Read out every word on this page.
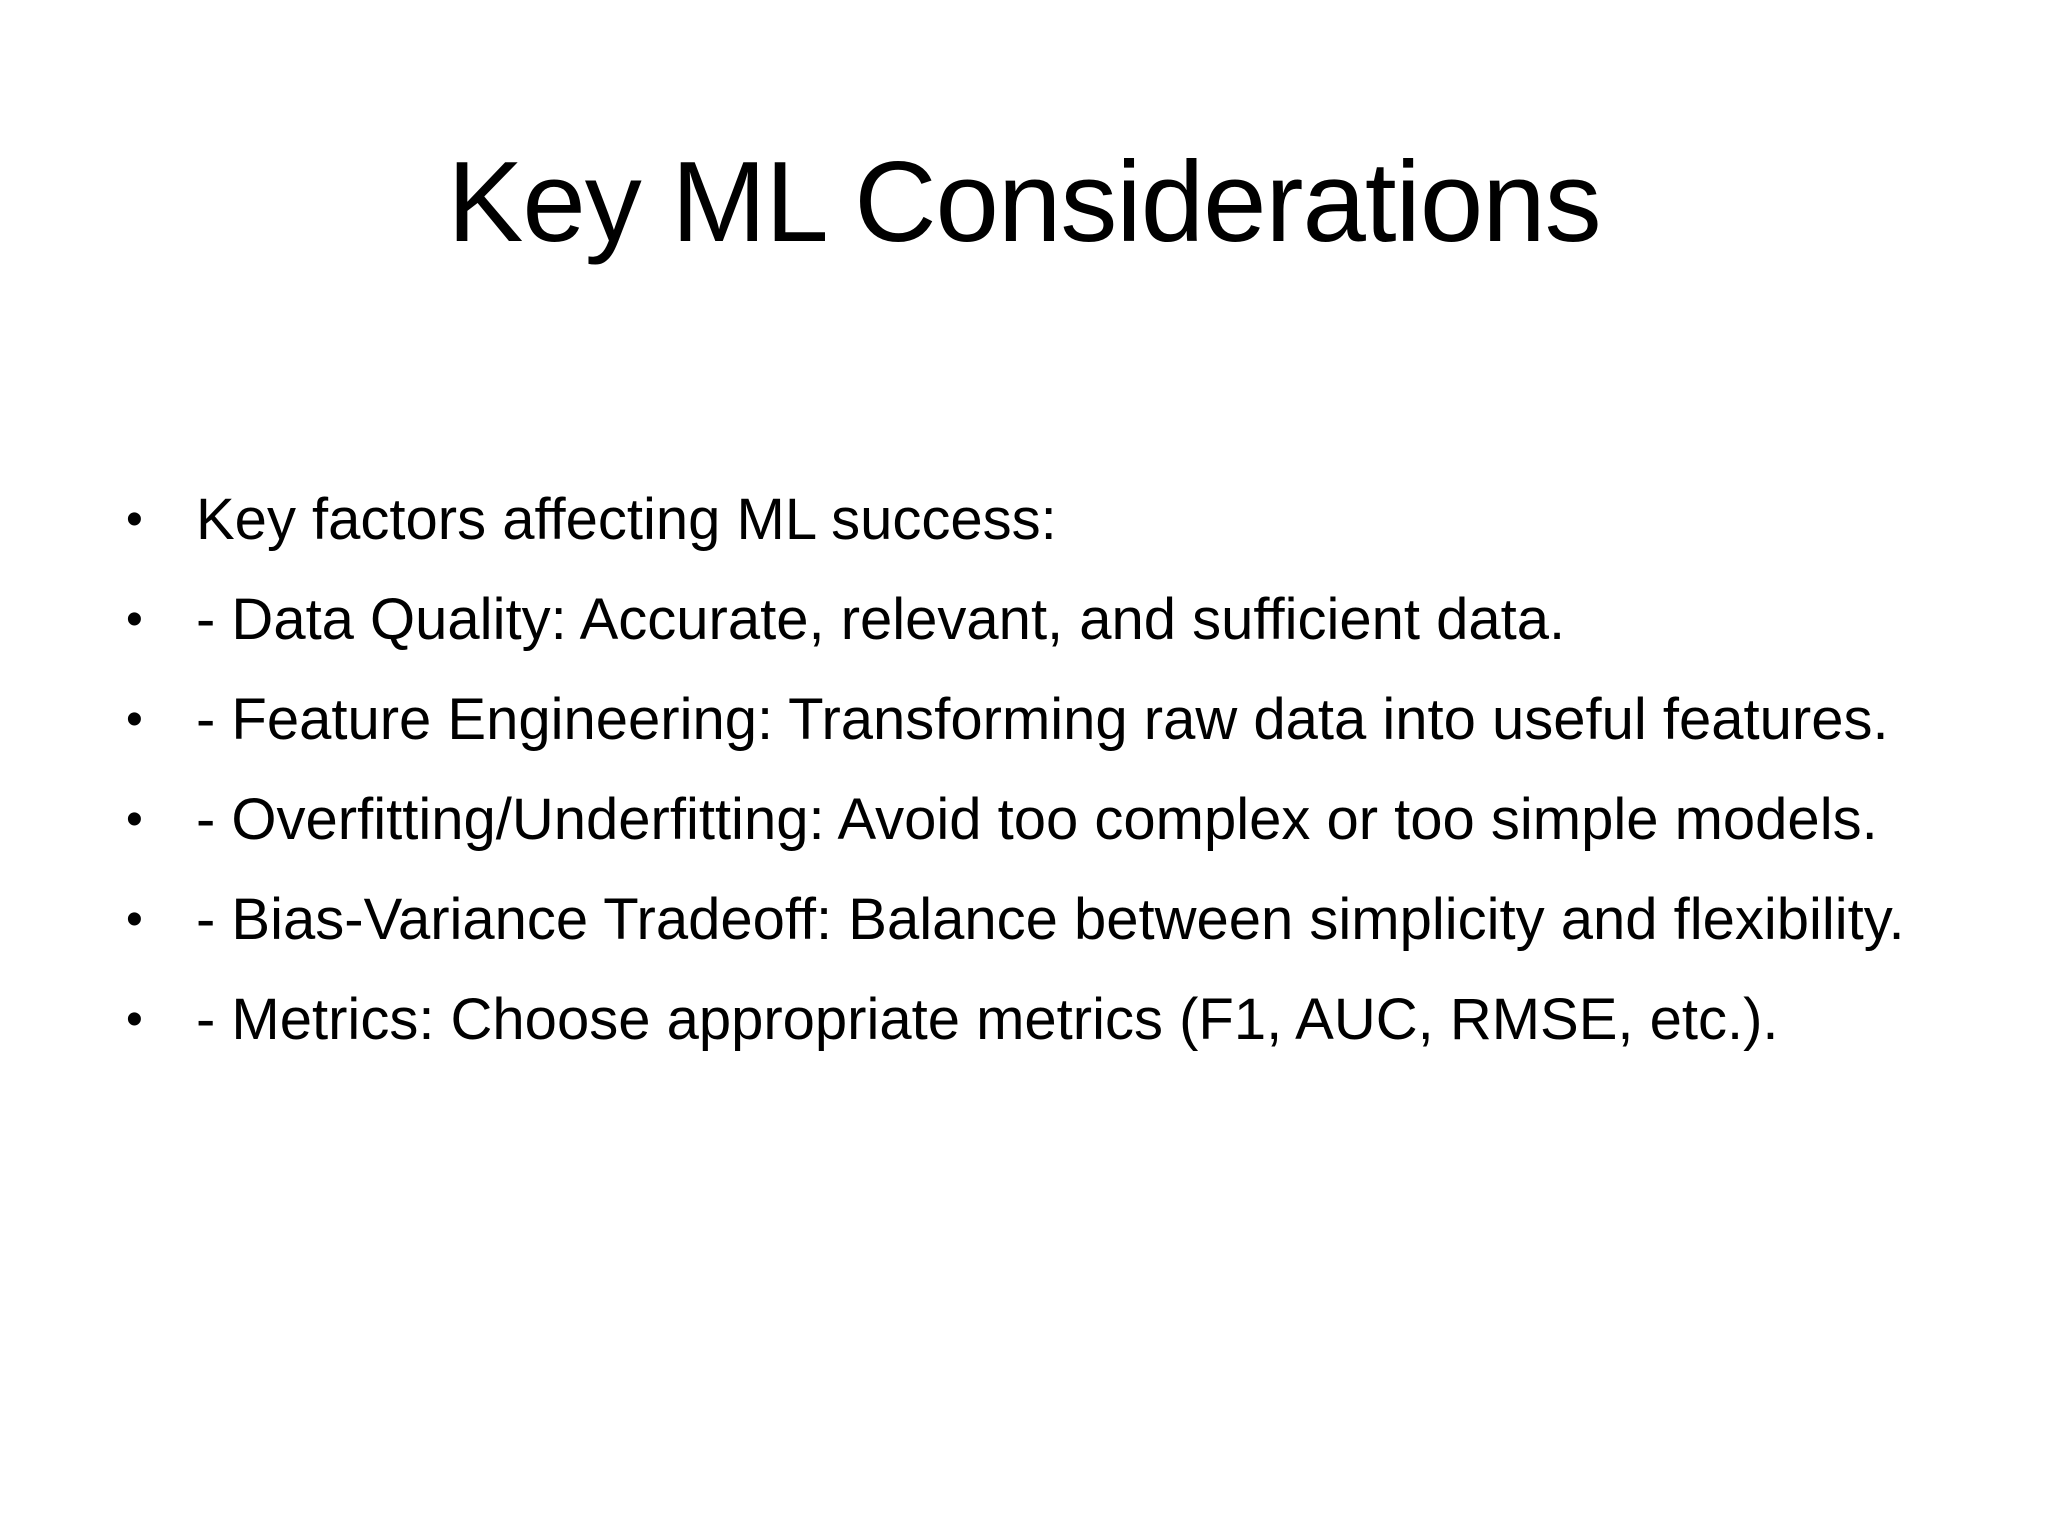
Key ML Considerations
• Key factors affecting ML success:
• - Data Quality: Accurate, relevant, and sufficient data.
• - Feature Engineering: Transforming raw data into useful features.
• - Overfitting/Underfitting: Avoid too complex or too simple models.
• - Bias-Variance Tradeoff: Balance between simplicity and flexibility.
• - Metrics: Choose appropriate metrics (F1, AUC, RMSE, etc.).
